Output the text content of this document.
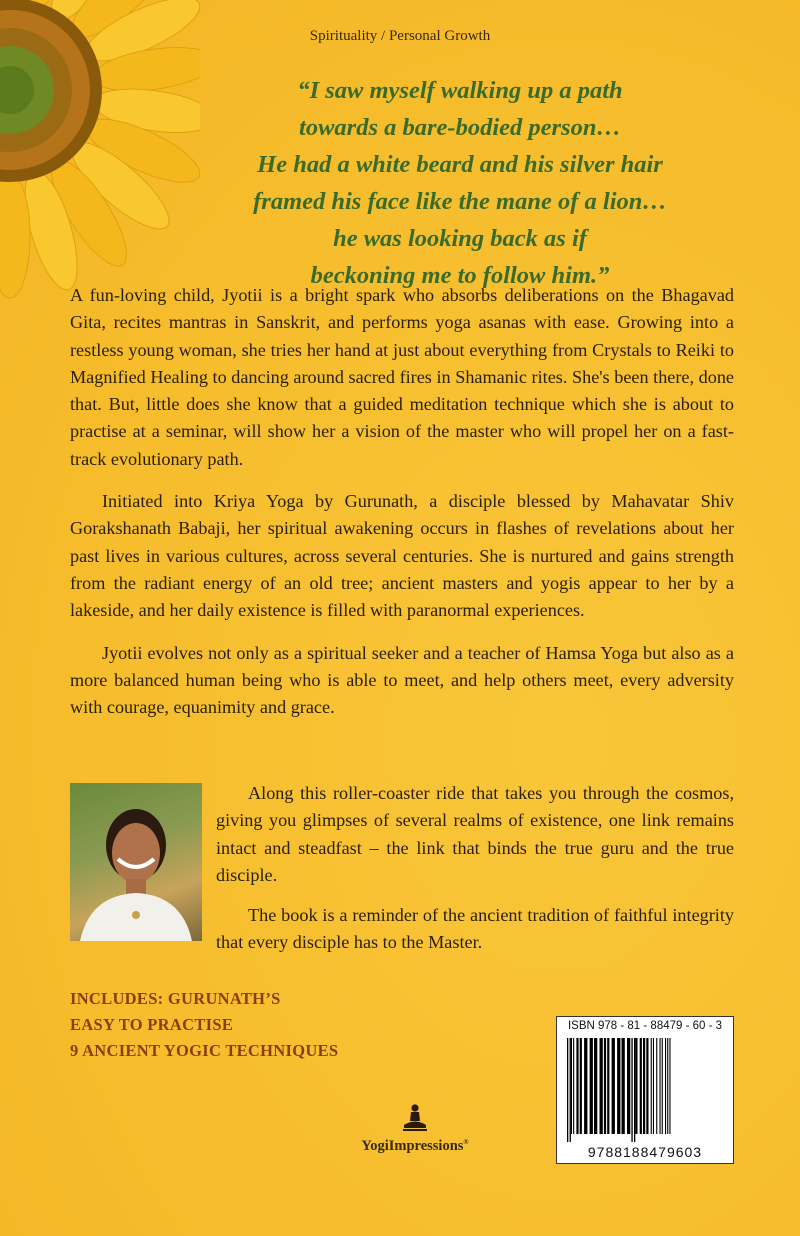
Spirituality / Personal Growth
“I saw myself walking up a path
towards a bare-bodied person…
He had a white beard and his silver hair
framed his face like the mane of a lion…
he was looking back as if
beckoning me to follow him.”

A fun-loving child, Jyotii is a bright spark who absorbs deliberations on the Bhagavad Gita, recites mantras in Sanskrit, and performs yoga asanas with ease. Growing into a restless young woman, she tries her hand at just about everything from Crystals to Reiki to Magnified Healing to dancing around sacred fires in Shamanic rites. She's been there, done that. But, little does she know that a guided meditation technique which she is about to practise at a seminar, will show her a vision of the master who will propel her on a fast-track evolutionary path.

Initiated into Kriya Yoga by Gurunath, a disciple blessed by Mahavatar Shiv Gorakshanath Babaji, her spiritual awakening occurs in flashes of revelations about her past lives in various cultures, across several centuries. She is nurtured and gains strength from the radiant energy of an old tree; ancient masters and yogis appear to her by a lakeside, and her daily existence is filled with paranormal experiences.

Jyotii evolves not only as a spiritual seeker and a teacher of Hamsa Yoga but also as a more balanced human being who is able to meet, and help others meet, every adversity with courage, equanimity and grace.

Along this roller-coaster ride that takes you through the cosmos, giving you glimpses of several realms of existence, one link remains intact and steadfast – the link that binds the true guru and the true disciple.

The book is a reminder of the ancient tradition of faithful integrity that every disciple has to the Master.

INCLUDES: GURUNATH’S
EASY TO PRACTISE
9 ANCIENT YOGIC TECHNIQUES
YogiImpressions®
ISBN 978 - 81 - 88479 - 60 - 3
9788188479603
